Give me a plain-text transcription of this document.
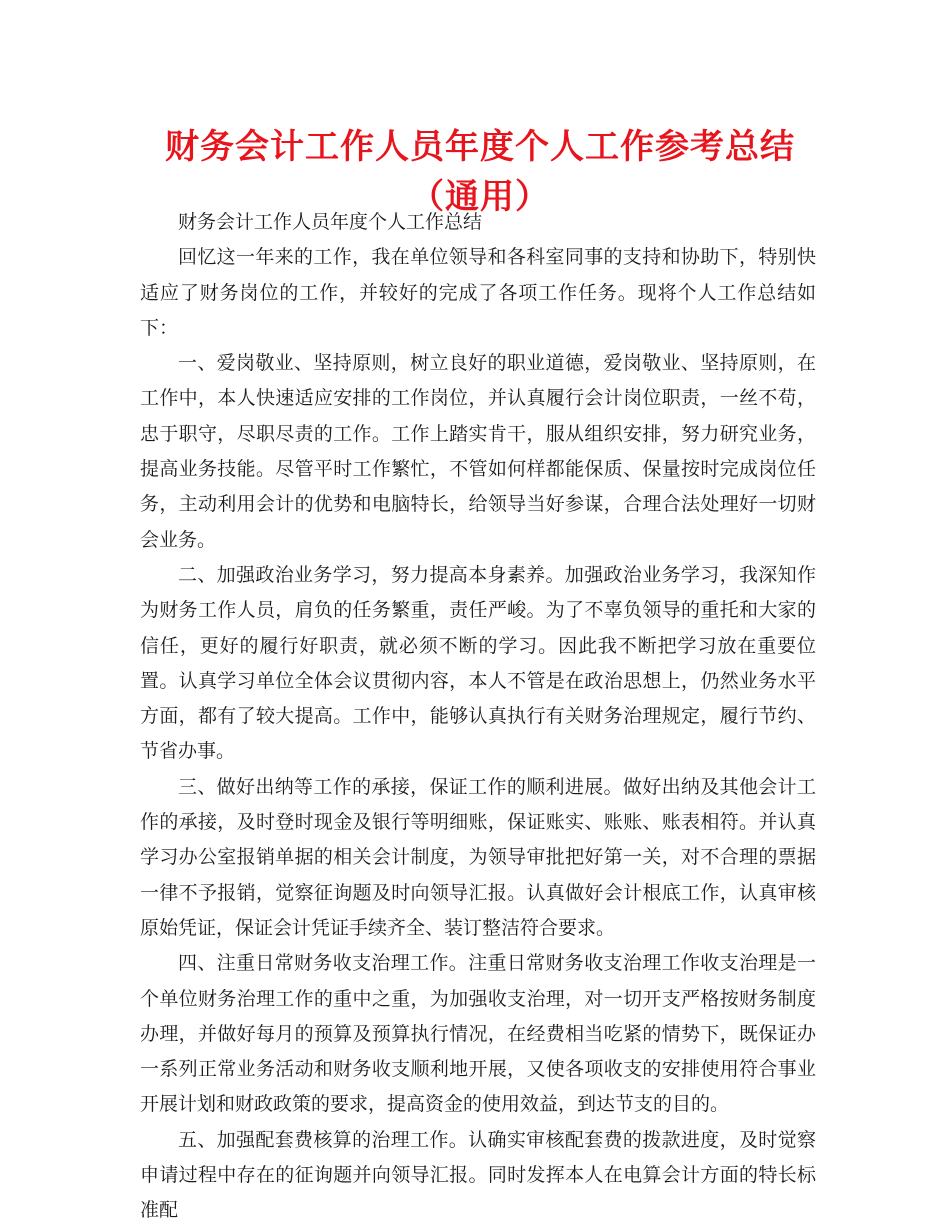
财务会计工作人员年度个人工作参考总结（通用）

财务会计工作人员年度个人工作总结

回忆这一年来的工作，我在单位领导和各科室同事的支持和协助下，特别快适应了财务岗位的工作，并较好的完成了各项工作任务。现将个人工作总结如下：

一、爱岗敬业、坚持原则，树立良好的职业道德，爱岗敬业、坚持原则，在工作中，本人快速适应安排的工作岗位，并认真履行会计岗位职责，一丝不苟，忠于职守，尽职尽责的工作。工作上踏实肯干，服从组织安排，努力研究业务，提高业务技能。尽管平时工作繁忙，不管如何样都能保质、保量按时完成岗位任务，主动利用会计的优势和电脑特长，给领导当好参谋，合理合法处理好一切财会业务。

二、加强政治业务学习，努力提高本身素养。加强政治业务学习，我深知作为财务工作人员，肩负的任务繁重，责任严峻。为了不辜负领导的重托和大家的信任，更好的履行好职责，就必须不断的学习。因此我不断把学习放在重要位置。认真学习单位全体会议贯彻内容，本人不管是在政治思想上，仍然业务水平方面，都有了较大提高。工作中，能够认真执行有关财务治理规定，履行节约、节省办事。

三、做好出纳等工作的承接，保证工作的顺利进展。做好出纳及其他会计工作的承接，及时登时现金及银行等明细账，保证账实、账账、账表相符。并认真学习办公室报销单据的相关会计制度，为领导审批把好第一关，对不合理的票据一律不予报销，觉察征询题及时向领导汇报。认真做好会计根底工作，认真审核原始凭证，保证会计凭证手续齐全、装订整洁符合要求。

四、注重日常财务收支治理工作。注重日常财务收支治理工作收支治理是一个单位财务治理工作的重中之重，为加强收支治理，对一切开支严格按财务制度办理，并做好每月的预算及预算执行情况，在经费相当吃紧的情势下，既保证办一系列正常业务活动和财务收支顺利地开展，又使各项收支的安排使用符合事业开展计划和财政政策的要求，提高资金的使用效益，到达节支的目的。

五、加强配套费核算的治理工作。认确实审核配套费的拨款进度，及时觉察申请过程中存在的征询题并向领导汇报。同时发挥本人在电算会计方面的特长标准配
